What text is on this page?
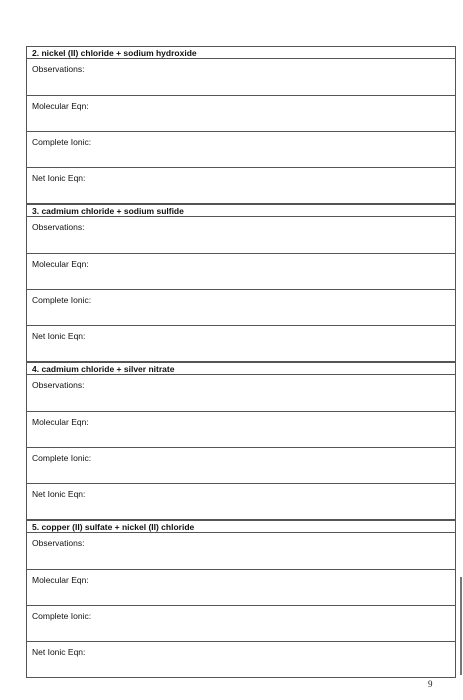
2. nickel (II) chloride + sodium hydroxide
Observations:
Molecular Eqn:
Complete Ionic:
Net Ionic Eqn:
3. cadmium chloride + sodium sulfide
Observations:
Molecular Eqn:
Complete Ionic:
Net Ionic Eqn:
4. cadmium chloride + silver nitrate
Observations:
Molecular Eqn:
Complete Ionic:
Net Ionic Eqn:
5. copper (II) sulfate + nickel (II) chloride
Observations:
Molecular Eqn:
Complete Ionic:
Net Ionic Eqn:
9
